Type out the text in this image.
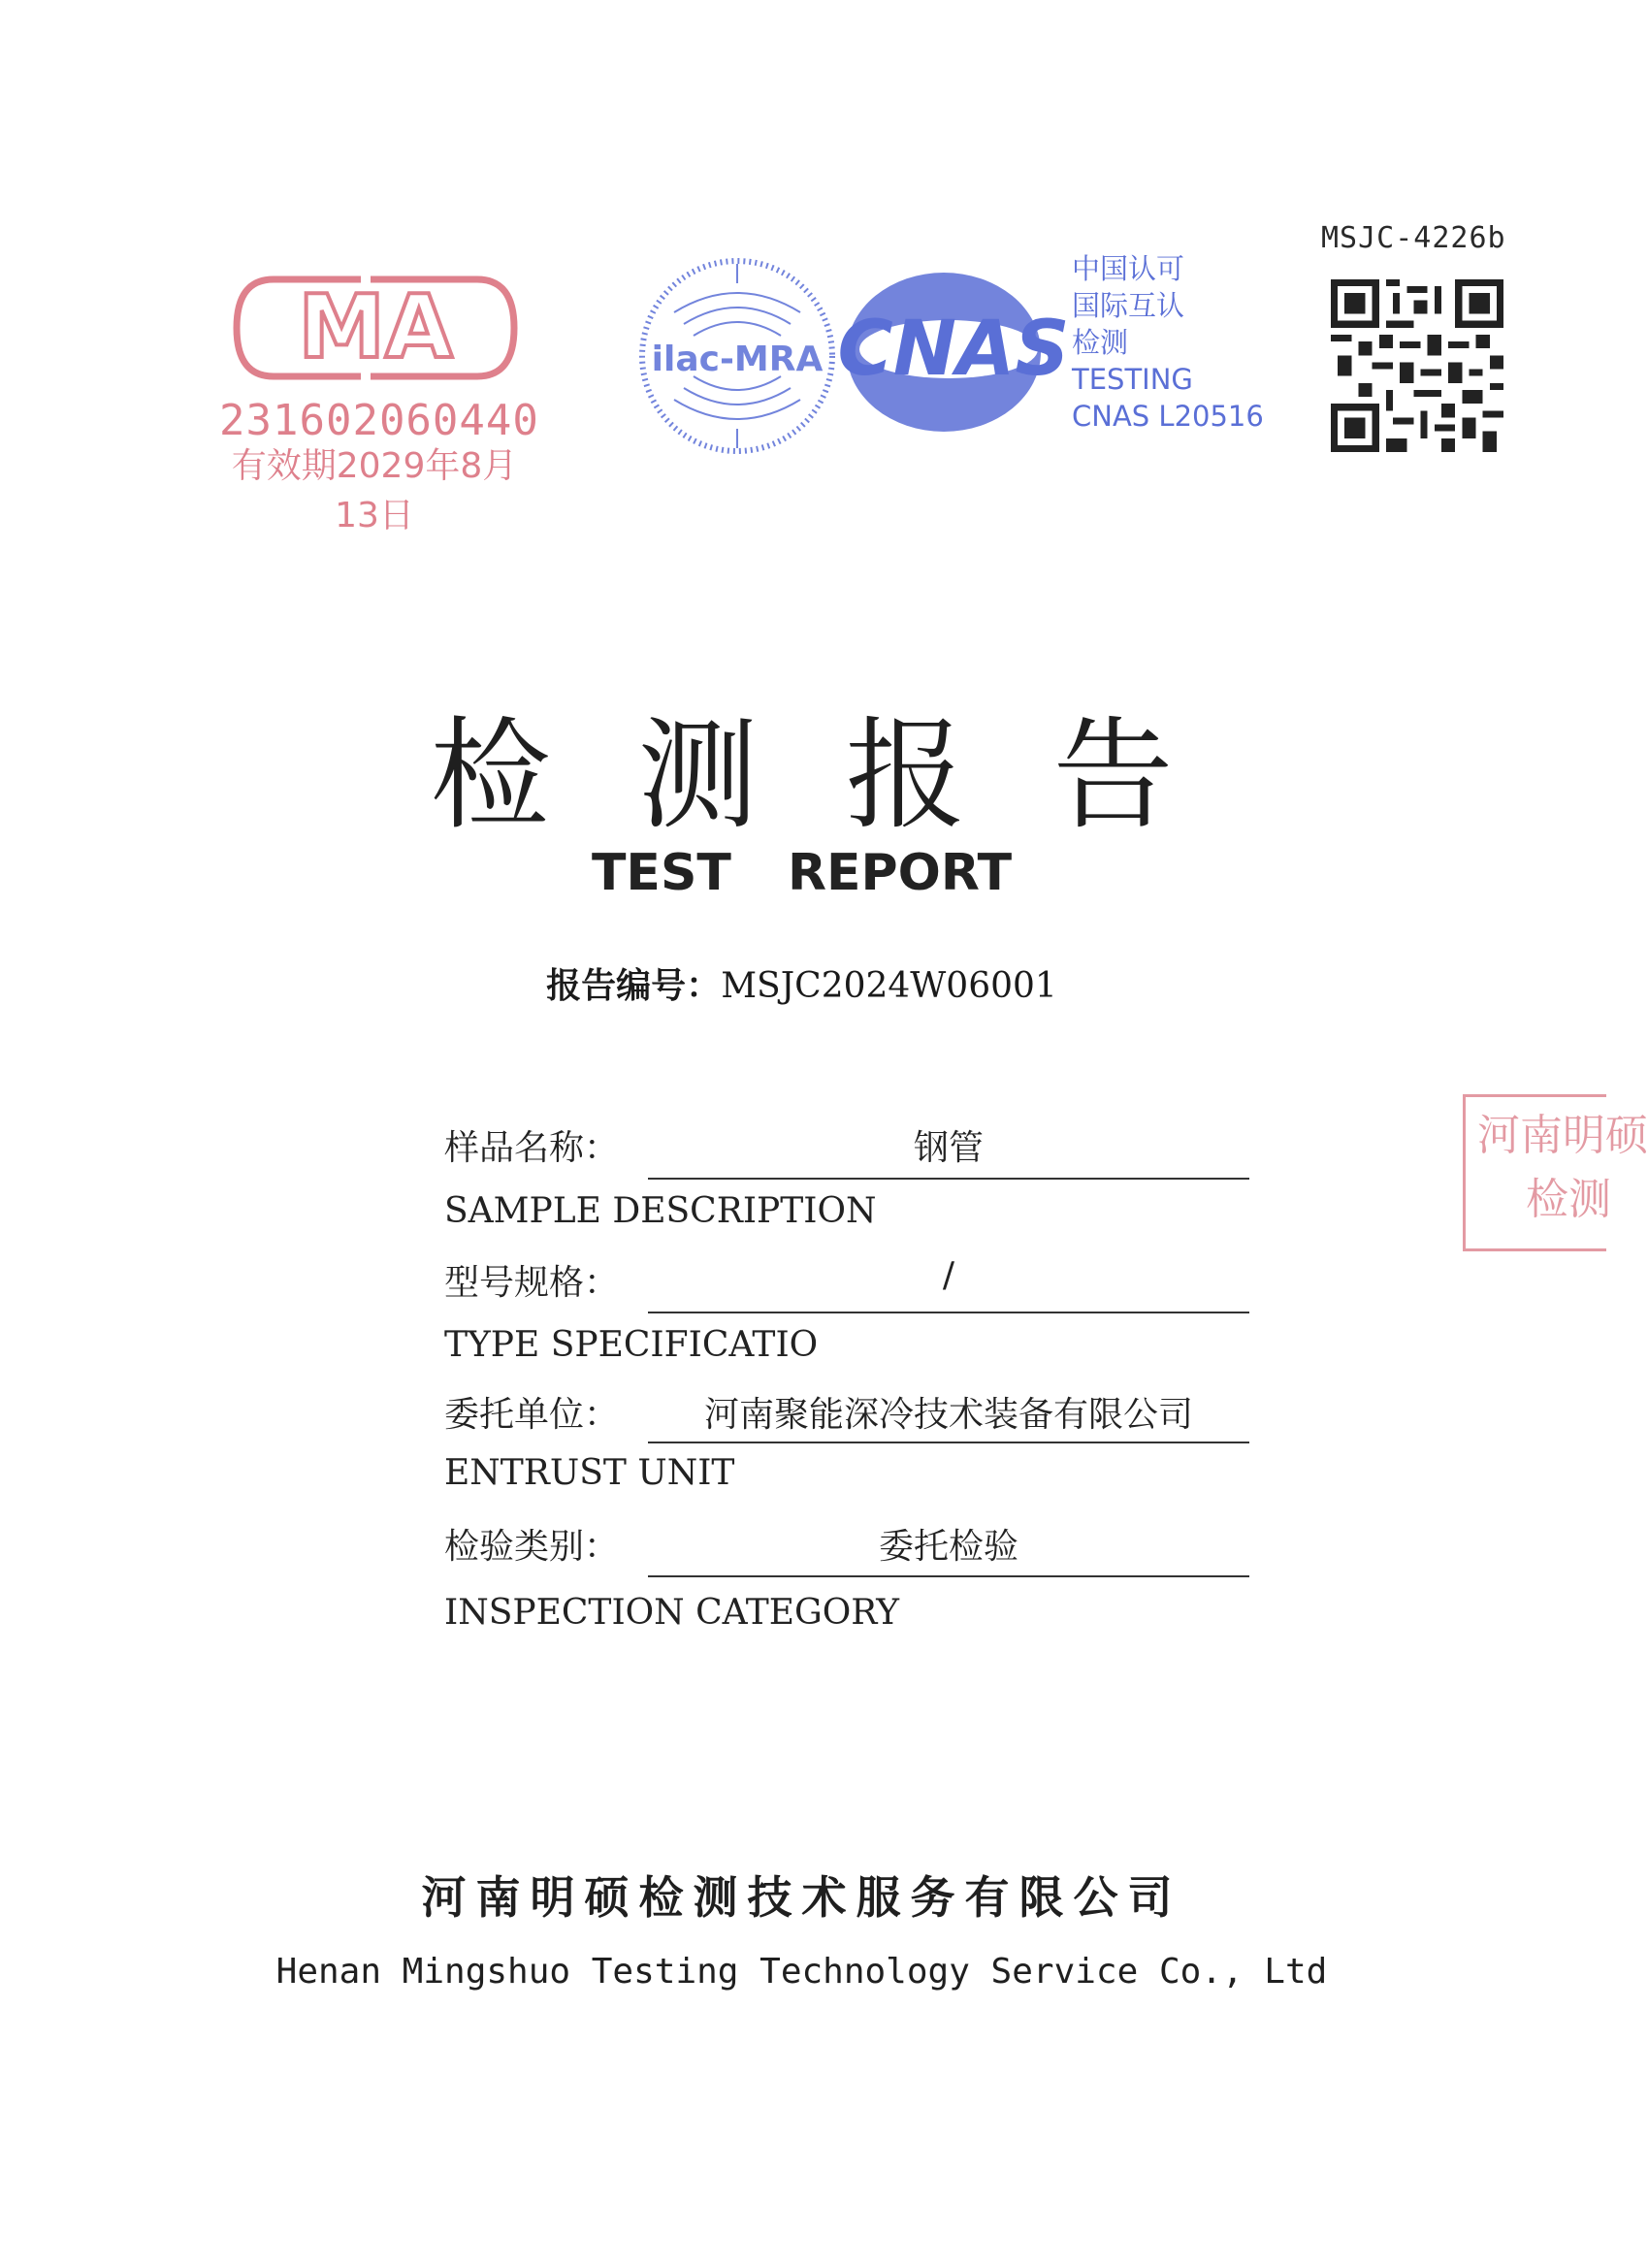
MSJC-4226b
MA
231602060440
有效期2029年8月13日
ilac-MRA CNAS
中国认可
国际互认
检测
TESTING
CNAS L20516
检测报告
TEST REPORT
报告编号：MSJC2024W06001
样品名称：	钢管
SAMPLE DESCRIPTION
型号规格：	/
TYPE SPECIFICATIO
委托单位：	河南聚能深冷技术装备有限公司
ENTRUST UNIT
检验类别：	委托检验
INSPECTION CATEGORY
河南明硕
检测
河南明硕检测技术服务有限公司
Henan Mingshuo Testing Technology Service Co., Ltd
